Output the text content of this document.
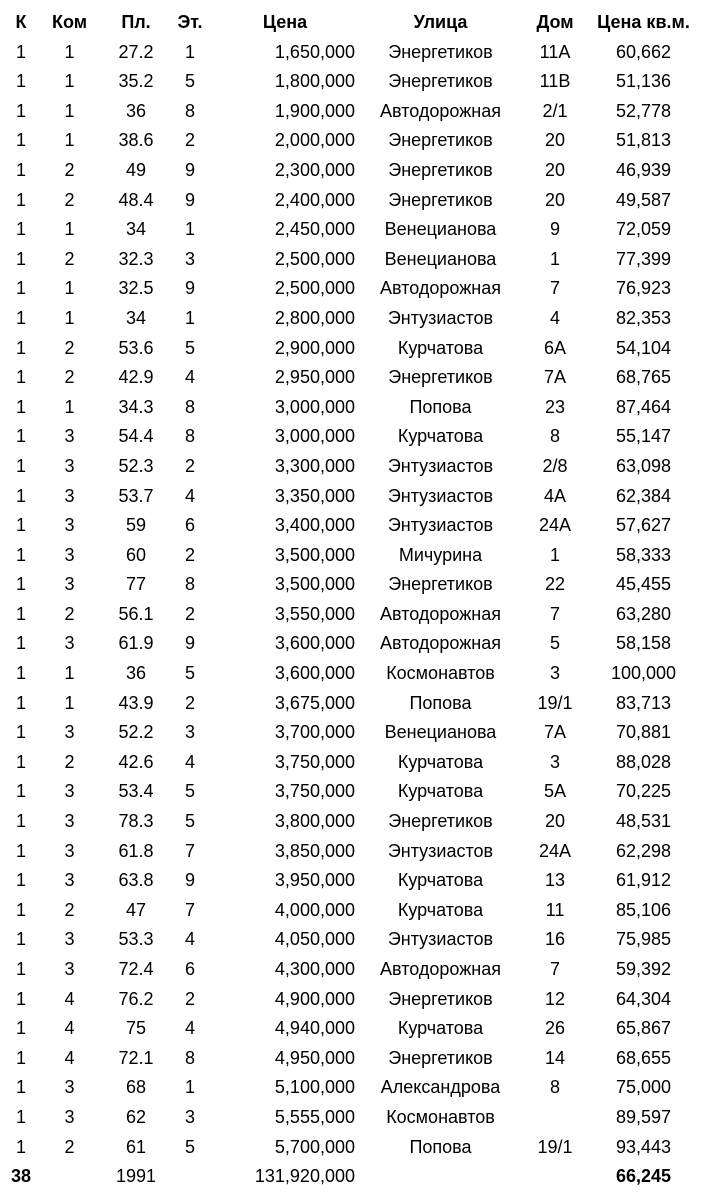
К	Ком	Пл.	Эт.	Цена	Улица	Дом	Цена кв.м.
1	1	27.2	1	1,650,000	Энергетиков	11А	60,662
1	1	35.2	5	1,800,000	Энергетиков	11В	51,136
1	1	36	8	1,900,000	Автодорожная	2/1	52,778
1	1	38.6	2	2,000,000	Энергетиков	20	51,813
1	2	49	9	2,300,000	Энергетиков	20	46,939
1	2	48.4	9	2,400,000	Энергетиков	20	49,587
1	1	34	1	2,450,000	Венецианова	9	72,059
1	2	32.3	3	2,500,000	Венецианова	1	77,399
1	1	32.5	9	2,500,000	Автодорожная	7	76,923
1	1	34	1	2,800,000	Энтузиастов	4	82,353
1	2	53.6	5	2,900,000	Курчатова	6А	54,104
1	2	42.9	4	2,950,000	Энергетиков	7А	68,765
1	1	34.3	8	3,000,000	Попова	23	87,464
1	3	54.4	8	3,000,000	Курчатова	8	55,147
1	3	52.3	2	3,300,000	Энтузиастов	2/8	63,098
1	3	53.7	4	3,350,000	Энтузиастов	4А	62,384
1	3	59	6	3,400,000	Энтузиастов	24А	57,627
1	3	60	2	3,500,000	Мичурина	1	58,333
1	3	77	8	3,500,000	Энергетиков	22	45,455
1	2	56.1	2	3,550,000	Автодорожная	7	63,280
1	3	61.9	9	3,600,000	Автодорожная	5	58,158
1	1	36	5	3,600,000	Космонавтов	3	100,000
1	1	43.9	2	3,675,000	Попова	19/1	83,713
1	3	52.2	3	3,700,000	Венецианова	7А	70,881
1	2	42.6	4	3,750,000	Курчатова	3	88,028
1	3	53.4	5	3,750,000	Курчатова	5А	70,225
1	3	78.3	5	3,800,000	Энергетиков	20	48,531
1	3	61.8	7	3,850,000	Энтузиастов	24А	62,298
1	3	63.8	9	3,950,000	Курчатова	13	61,912
1	2	47	7	4,000,000	Курчатова	11	85,106
1	3	53.3	4	4,050,000	Энтузиастов	16	75,985
1	3	72.4	6	4,300,000	Автодорожная	7	59,392
1	4	76.2	2	4,900,000	Энергетиков	12	64,304
1	4	75	4	4,940,000	Курчатова	26	65,867
1	4	72.1	8	4,950,000	Энергетиков	14	68,655
1	3	68	1	5,100,000	Александрова	8	75,000
1	3	62	3	5,555,000	Космонавтов		89,597
1	2	61	5	5,700,000	Попова	19/1	93,443
38		1991		131,920,000			66,245
